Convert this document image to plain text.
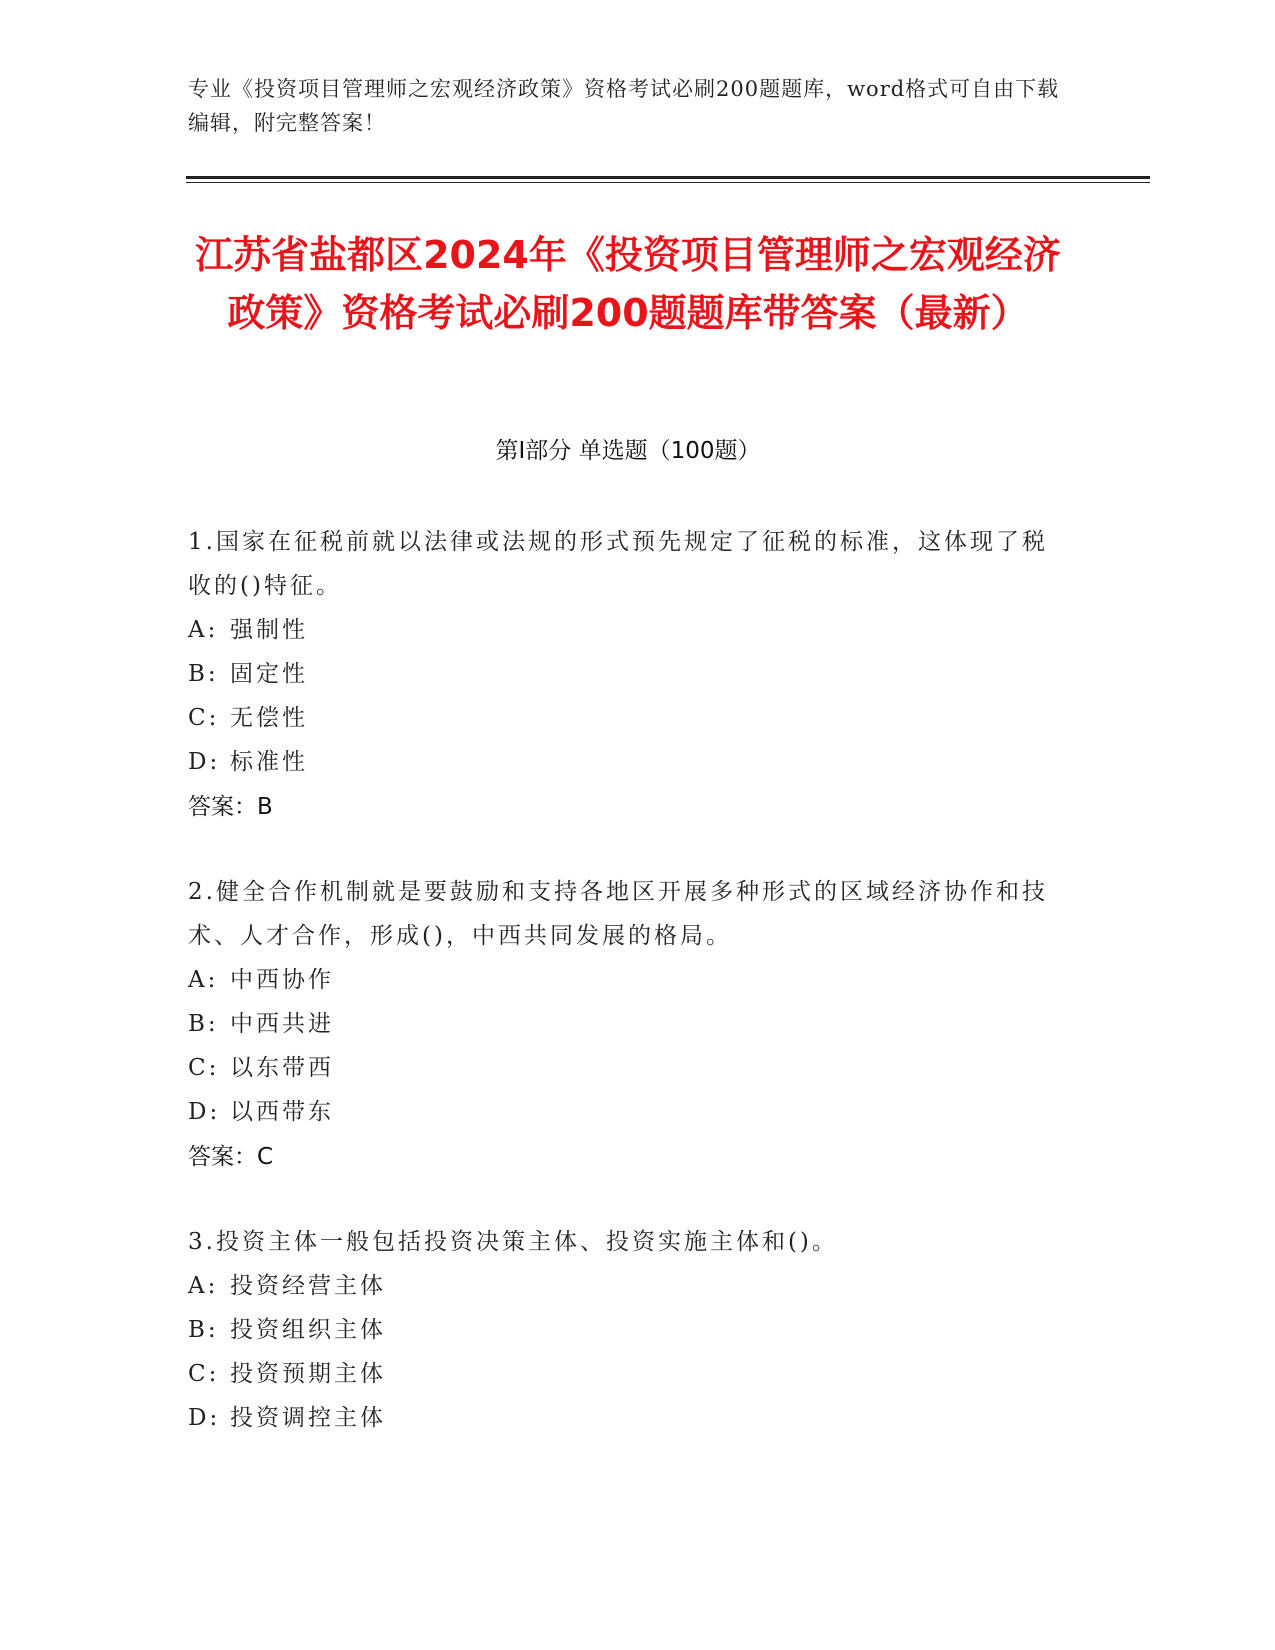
专业《投资项目管理师之宏观经济政策》资格考试必刷200题题库，word格式可自由下载编辑，附完整答案！
江苏省盐都区2024年《投资项目管理师之宏观经济政策》资格考试必刷200题题库带答案（最新）
第I部分 单选题（100题）

1.国家在征税前就以法律或法规的形式预先规定了征税的标准，这体现了税收的()特征。

A: 强制性

B: 固定性

C: 无偿性

D: 标准性

答案：B

2.健全合作机制就是要鼓励和支持各地区开展多种形式的区域经济协作和技术、人才合作，形成()，中西共同发展的格局。

A: 中西协作

B: 中西共进

C: 以东带西

D: 以西带东

答案：C

3.投资主体一般包括投资决策主体、投资实施主体和()。

A: 投资经营主体

B: 投资组织主体

C: 投资预期主体

D: 投资调控主体
